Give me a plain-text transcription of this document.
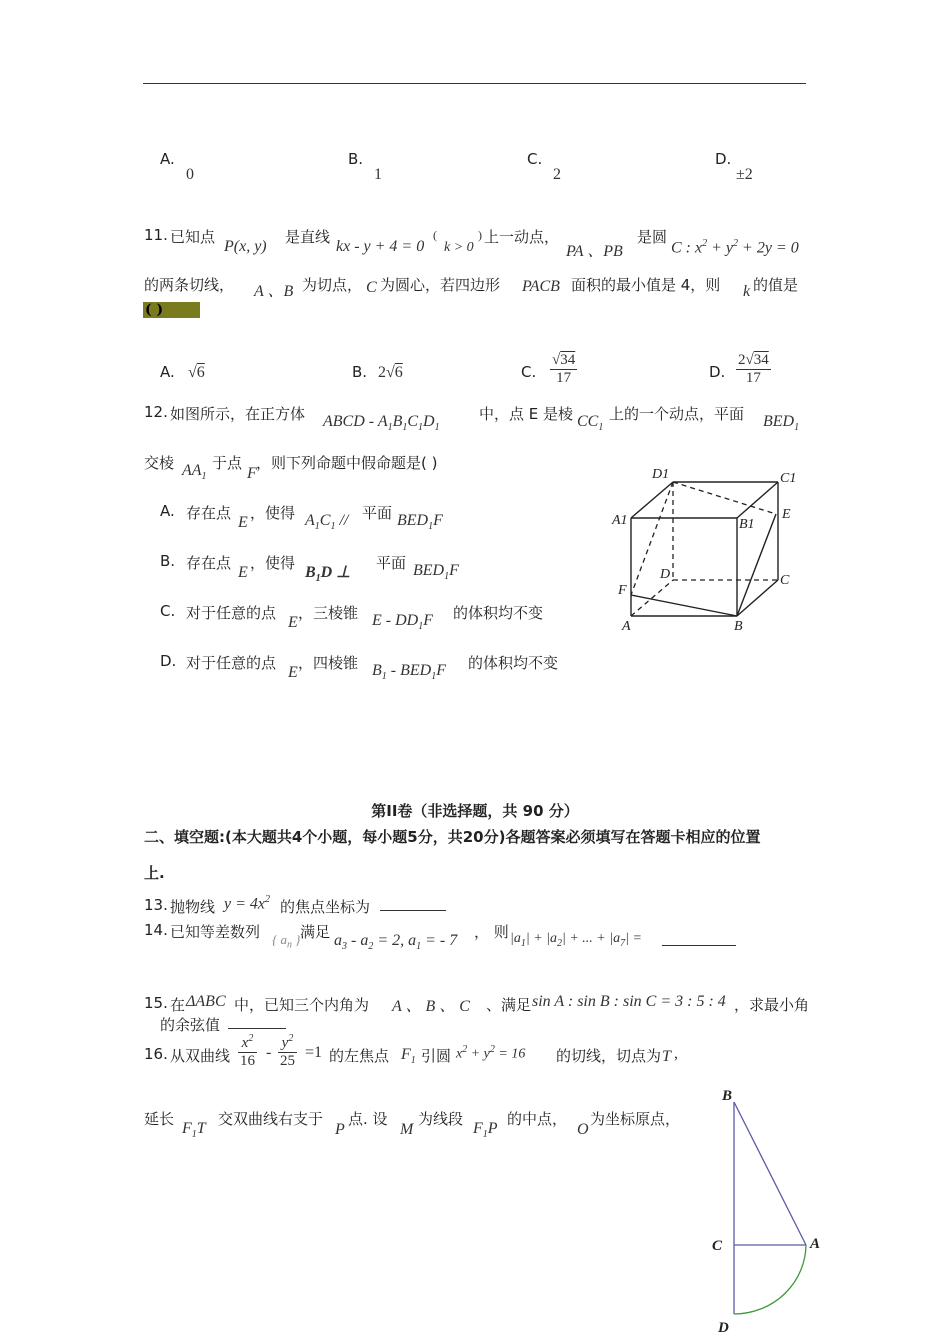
A.
0
B.
1
C.
2
D.
±2
11. 已知点
P(x, y)
是直线
kx - y + 4 = 0
(
k > 0
) 上一动点，
PA 、PB
是圆
C : $x^2 + y^2 + 2y = 0$
的两条切线， A 、B 为切点， C 为圆心，若四边形 PACB 面积的最小值是 4，则 k 的值是
( )
A. √6	B. 2√6	C. $\frac{√34}{17}$	D. $\frac{2√34}{17}$
12. 如图所示，在正方体 ABCD - $A_1B_1C_1D_1$
中，点 E 是棱 $CC_1$
上的一个动点，平面 $BED_1$
交棱 $AA_1$
于点
F
，则下列命题中假命题是( )
A. 存在点
E
，使得 $A_1C_1$ // 平面 $BED_1F$
B. 存在点
E
，使得
$B_1D$ ⊥
平面 $BED_1F$
C. 对于任意的点
E
，三棱锥 E - $DD_1F$ 的体积均不变
D. 对于任意的点
E
，四棱锥 $B_1 - BED_1F$ 的体积均不变
D1	C1
A1	B1
E
D	C
F
A	B
第II卷（非选择题，共 90 分）
二、填空题:(本大题共4个小题，每小题5分，共20分)各题答案必须填写在答题卡相应的位置
上.
13. 抛物线 $y = 4x^2$ 的焦点坐标为
14. 已知等差数列 { $a_n$ } 满足 $a_3 - a_2 = 2$, $a_1$ = - 7 ， 则 $|a_1| + |a_2|$ + ... + $|a_7|$ =
15. 在 ΔABC 中，已知三个内角为 A 、 B 、 C 、满足 sin A : sin B : sin C = 3 : 5 : 4 ，求最小角
的余弦值
16. 从双曲线 $\frac{x^2}{16} - \frac{y^2}{25} =1$ 的左焦点 $F_1$ 引圆 $x^2 + y^2 = 16$ 的切线，切点为 T ,
延长
$F_1T$
交双曲线右支于
P
点. 设
M
为线段
$F_1P$
的中点，
O
为坐标原点，
B
C	A
D
